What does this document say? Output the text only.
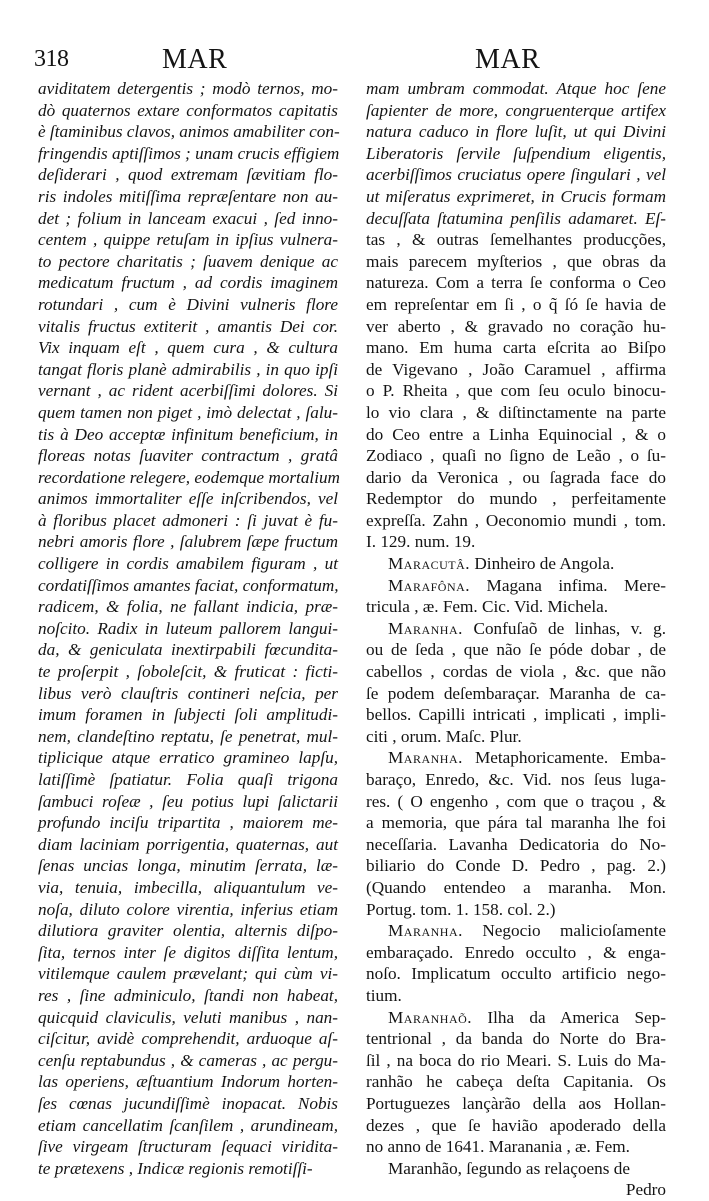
318	MAR	MAR
aviditatem detergentis ; modò ternos, mo-
dò quaternos extare conformatos capitatis
è ſtaminibus clavos, animos amabiliter con-
fringendis aptiſſimos ; unam crucis effigiem
deſiderari , quod extremam ſævitiam flo-
ris indoles mitiſſima repræſentare non au-
det ; folium in lanceam exacui , ſed inno-
centem , quippe retuſam in ipſius vulnera-
to pectore charitatis ; ſuavem denique ac
medicatum fructum , ad cordis imaginem
rotundari , cum è Divini vulneris flore
vitalis fructus extiterit , amantis Dei cor.
Vix inquam eſt , quem cura , & cultura
tangat floris planè admirabilis , in quo ipſi
vernant , ac rident acerbiſſimi dolores. Si
quem tamen non piget , imò delectat , ſalu-
tis à Deo acceptæ infinitum beneficium, in
floreas notas ſuaviter contractum , gratâ
recordatione relegere, eodemque mortalium
animos immortaliter eſſe inſcribendos, vel
à floribus placet admoneri : ſi juvat è fu-
nebri amoris flore , ſalubrem ſæpe fructum
colligere in cordis amabilem figuram , ut
cordatiſſimos amantes faciat, conformatum,
radicem, & folia, ne fallant indicia, præ-
noſcito. Radix in luteum pallorem langui-
da, & geniculata inextirpabili fœcundita-
te proſerpit , ſoboleſcit, & fruticat : ficti-
libus verò clauſtris contineri neſcia, per
imum foramen in ſubjecti ſoli amplitudi-
nem, clandeſtino reptatu, ſe penetrat, mul-
tiplicique atque erratico gramineo lapſu,
latiſſimè ſpatiatur. Folia quaſi trigona
ſambuci roſeæ , ſeu potius lupi ſalictarii
profundo inciſu tripartita , maiorem me-
diam laciniam porrigentia, quaternas, aut
ſenas uncias longa, minutim ſerrata, læ-
via, tenuia, imbecilla, aliquantulum ve-
noſa, diluto colore virentia, inferius etiam
dilutiora graviter olentia, alternis diſpo-
ſita, ternos inter ſe digitos diſſita lentum,
vitilemque caulem prævelant; qui cùm vi-
res , ſine adminiculo, ſtandi non habeat,
quicquid claviculis, veluti manibus , nan-
ciſcitur, avidè comprehendit, arduoque aſ-
cenſu reptabundus , & cameras , ac pergu-
las operiens, æſtuantium Indorum horten-
ſes cœnas jucundiſſimè inopacat. Nobis
etiam cancellatim ſcanſilem , arundineam,
ſive virgeam ſtructuram ſequaci viridita-
te prætexens , Indicæ regionis remotiſſi-
mam umbram commodat. Atque hoc ſene
ſapienter de more, congruenterque artifex
natura caduco in flore luſit, ut qui Divini
Liberatoris ſervile ſuſpendium eligentis,
acerbiſſimos cruciatus opere ſingulari , vel
ut miſeratus exprimeret, in Crucis formam
decuſſata ſtatumina penſilis adamaret. Eſ-
tas , & outras ſemelhantes producções,
mais parecem myſterios , que obras da
natureza. Com a terra ſe conforma o Ceo
em repreſentar em ſi , o q̃ ſó ſe havia de
ver aberto , & gravado no coração hu-
mano. Em huma carta eſcrita ao Biſpo
de Vigevano , João Caramuel , affirma
o P. Rheita , que com ſeu oculo binocu-
lo vio clara , & diſtinctamente na parte
do Ceo entre a Linha Equinocial , & o
Zodiaco , quaſi no ſigno de Leão , o ſu-
dario da Veronica , ou ſagrada face do
Redemptor do mundo , perfeitamente
expreſſa. Zahn , Oeconomio mundi , tom.
I. 129. num. 19.
Maracutâ. Dinheiro de Angola.
Marafôna. Magana infima. Mere-
tricula , æ. Fem. Cic. Vid. Michela.
Maranha. Confuſaõ de linhas, v. g.
ou de ſeda , que não ſe póde dobar , de
cabellos , cordas de viola , &c. que não
ſe podem deſembaraçar. Maranha de ca-
bellos. Capilli intricati , implicati , impli-
citi , orum. Maſc. Plur.
Maranha. Metaphoricamente. Emba-
baraço, Enredo, &c. Vid. nos ſeus luga-
res. ( O engenho , com que o traçou , &
a memoria, que pára tal maranha lhe foi
neceſſaria. Lavanha Dedicatoria do No-
biliario do Conde D. Pedro , pag. 2.)
(Quando entendeo a maranha. Mon.
Portug. tom. 1. 158. col. 2.)
Maranha. Negocio malicioſamente
embaraçado. Enredo occulto , & enga-
noſo. Implicatum occulto artificio nego-
tium.
Maranhaõ. Ilha da America Sep-
tentrional , da banda do Norte do Bra-
ſil , na boca do rio Meari. S. Luis do Ma-
ranhão he cabeça deſta Capitania. Os
Portuguezes lançàrão della aos Hollan-
dezes , que ſe havião apoderado della
no anno de 1641. Maranania , æ. Fem.
Maranhão, ſegundo as relaçoens de
Pedro
